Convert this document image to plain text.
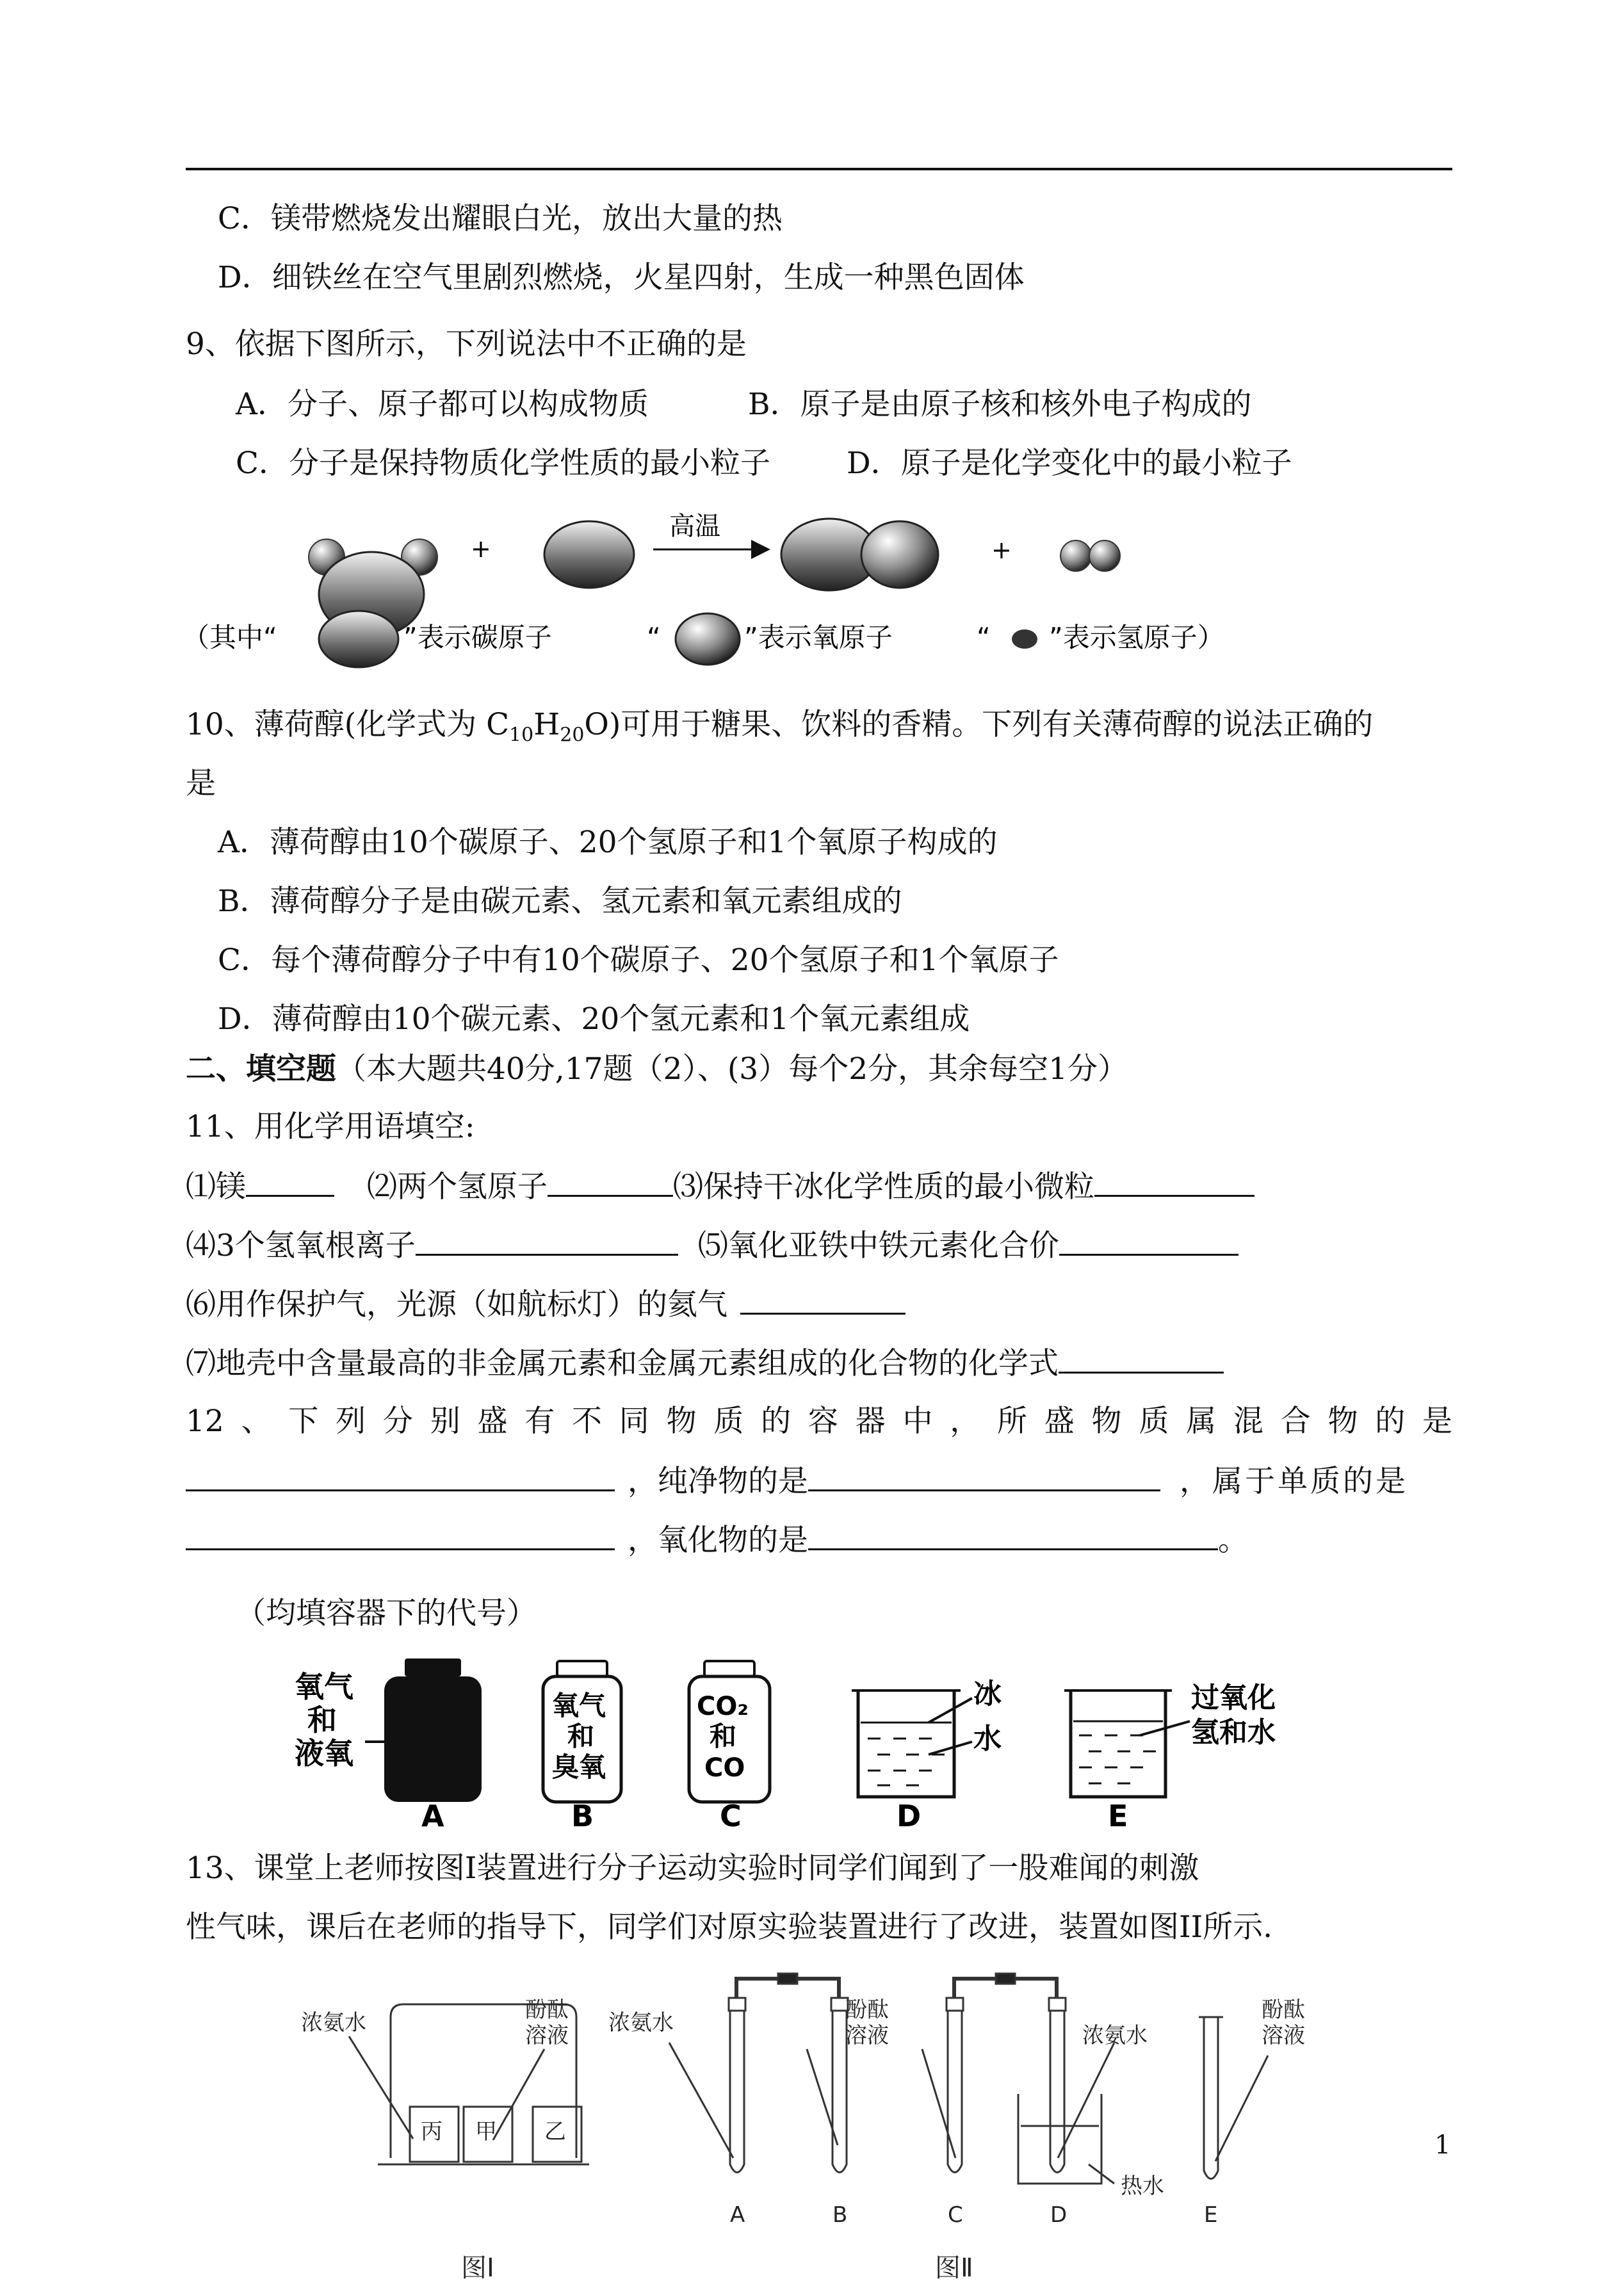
C．镁带燃烧发出耀眼白光，放出大量的热
D．细铁丝在空气里剧烈燃烧，火星四射，生成一种黑色固体
9、依据下图所示，下列说法中不正确的是
A．分子、原子都可以构成物质	B．原子是由原子核和核外电子构成的
C．分子是保持物质化学性质的最小粒子	D．原子是化学变化中的最小粒子
+
高温
+
（其中“	”表示碳原子	“	”表示氧原子	“ ”表示氢原子）
10、薄荷醇(化学式为 $C_{10}H_{20}O$)可用于糖果、饮料的香精。下列有关薄荷醇的说法正确的
是
A．薄荷醇由10个碳原子、20个氢原子和1个氧原子构成的
B．薄荷醇分子是由碳元素、氢元素和氧元素组成的
C．每个薄荷醇分子中有10个碳原子、20个氢原子和1个氧原子
D．薄荷醇由10个碳元素、20个氢元素和1个氧元素组成
二、填空题（本大题共40分,17题（2）、(3）每个2分，其余每空1分）
11、用化学用语填空:
⑴镁	⑵两个氢原子	⑶保持干冰化学性质的最小微粒
⑷3个氢氧根离子	⑸氧化亚铁中铁元素化合价
⑹用作保护气，光源（如航标灯）的氦气
⑺地壳中含量最高的非金属元素和金属元素组成的化合物的化学式
12、下列分别盛有不同物质的容器中，所盛物质属混合物的是
，纯净物的是	，属于单质的是
，氧化物的是	。
（均填容器下的代号）
氧气
和
液氧
A
氧气
和
臭氧
B
CO₂
和
CO
C
冰
水
D
过氧化
氢和水
E
13、课堂上老师按图Ⅰ装置进行分子运动实验时同学们闻到了一股难闻的刺激
性气味，课后在老师的指导下，同学们对原实验装置进行了改进，装置如图II所示.
浓氨水	酚酞
溶液
丙 甲 乙
图Ⅰ
浓氨水	酚酞
溶液	浓氨水
热水
酚酞
溶液
A	B	C	D	E
图Ⅱ
1
